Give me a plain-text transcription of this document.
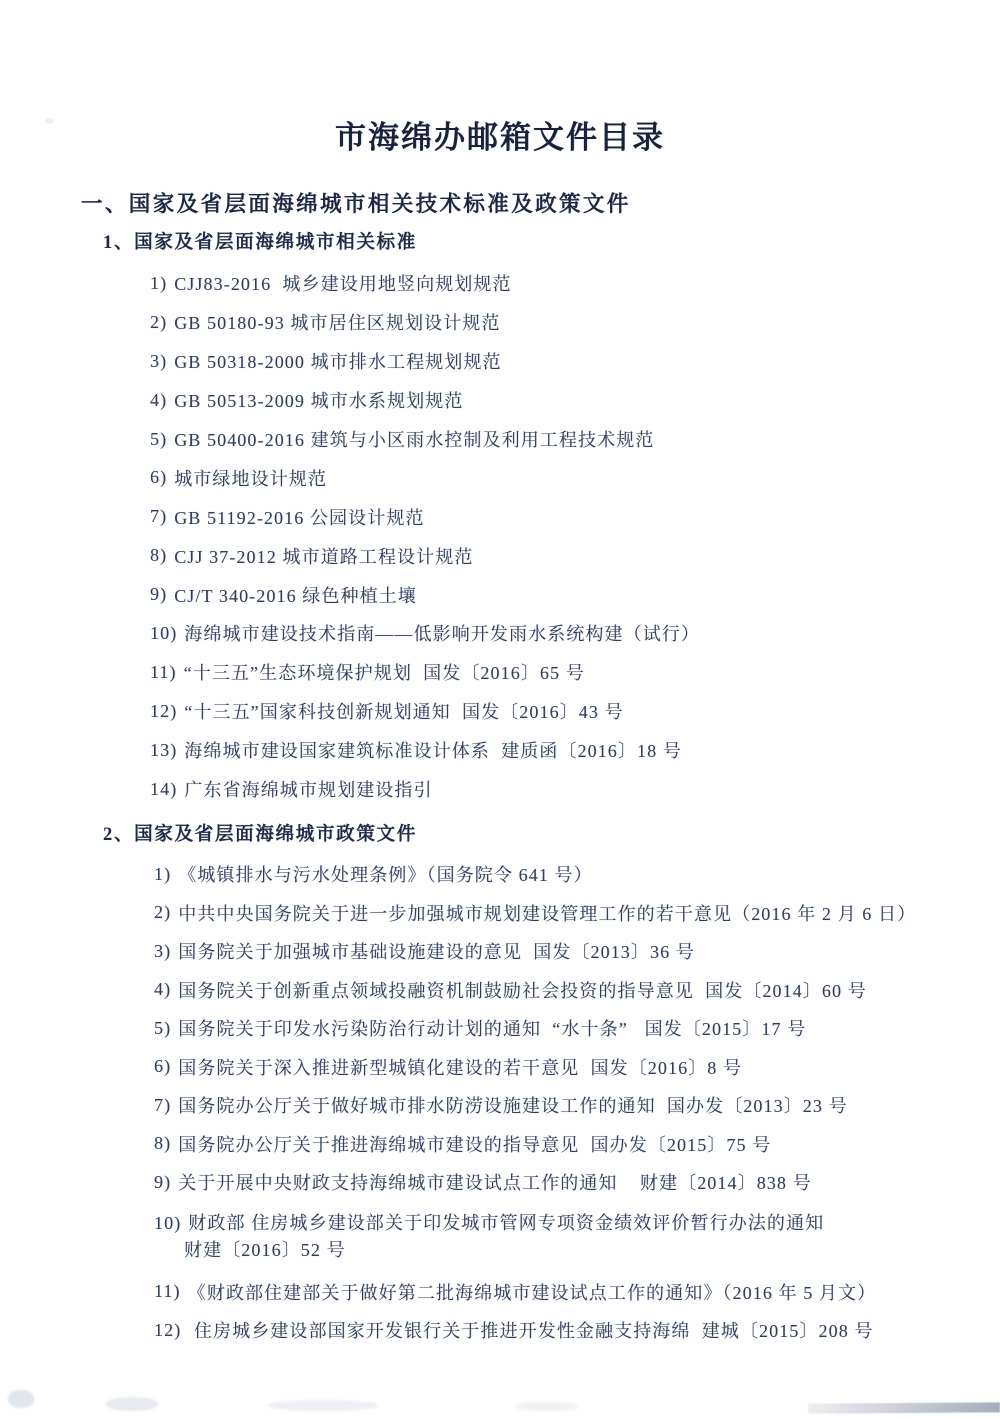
市海绵办邮箱文件目录
一、国家及省层面海绵城市相关技术标准及政策文件
1、国家及省层面海绵城市相关标准
1) CJJ83-2016  城乡建设用地竖向规划规范
2) GB 50180-93 城市居住区规划设计规范
3) GB 50318-2000 城市排水工程规划规范
4) GB 50513-2009 城市水系规划规范
5) GB 50400-2016 建筑与小区雨水控制及利用工程技术规范
6) 城市绿地设计规范
7) GB 51192-2016 公园设计规范
8) CJJ 37-2012 城市道路工程设计规范
9) CJ/T 340-2016 绿色种植土壤
10) 海绵城市建设技术指南——低影响开发雨水系统构建（试行）
11) “十三五”生态环境保护规划  国发〔2016〕65 号
12) “十三五”国家科技创新规划通知  国发〔2016〕43 号
13) 海绵城市建设国家建筑标准设计体系  建质函〔2016〕18 号
14) 广东省海绵城市规划建设指引
2、国家及省层面海绵城市政策文件
1) 《城镇排水与污水处理条例》（国务院令 641 号）
2) 中共中央国务院关于进一步加强城市规划建设管理工作的若干意见（2016 年 2 月 6 日）
3) 国务院关于加强城市基础设施建设的意见  国发〔2013〕36 号
4) 国务院关于创新重点领域投融资机制鼓励社会投资的指导意见  国发〔2014〕60 号
5) 国务院关于印发水污染防治行动计划的通知  “水十条”   国发〔2015〕17 号
6) 国务院关于深入推进新型城镇化建设的若干意见  国发〔2016〕8 号
7) 国务院办公厅关于做好城市排水防涝设施建设工作的通知  国办发〔2013〕23 号
8) 国务院办公厅关于推进海绵城市建设的指导意见  国办发〔2015〕75 号
9) 关于开展中央财政支持海绵城市建设试点工作的通知    财建〔2014〕838 号
10) 财政部 住房城乡建设部关于印发城市管网专项资金绩效评价暂行办法的通知
财建〔2016〕52 号
11) 《财政部住建部关于做好第二批海绵城市建设试点工作的通知》（2016 年 5 月文）
12) 住房城乡建设部国家开发银行关于推进开发性金融支持海绵  建城〔2015〕208 号
